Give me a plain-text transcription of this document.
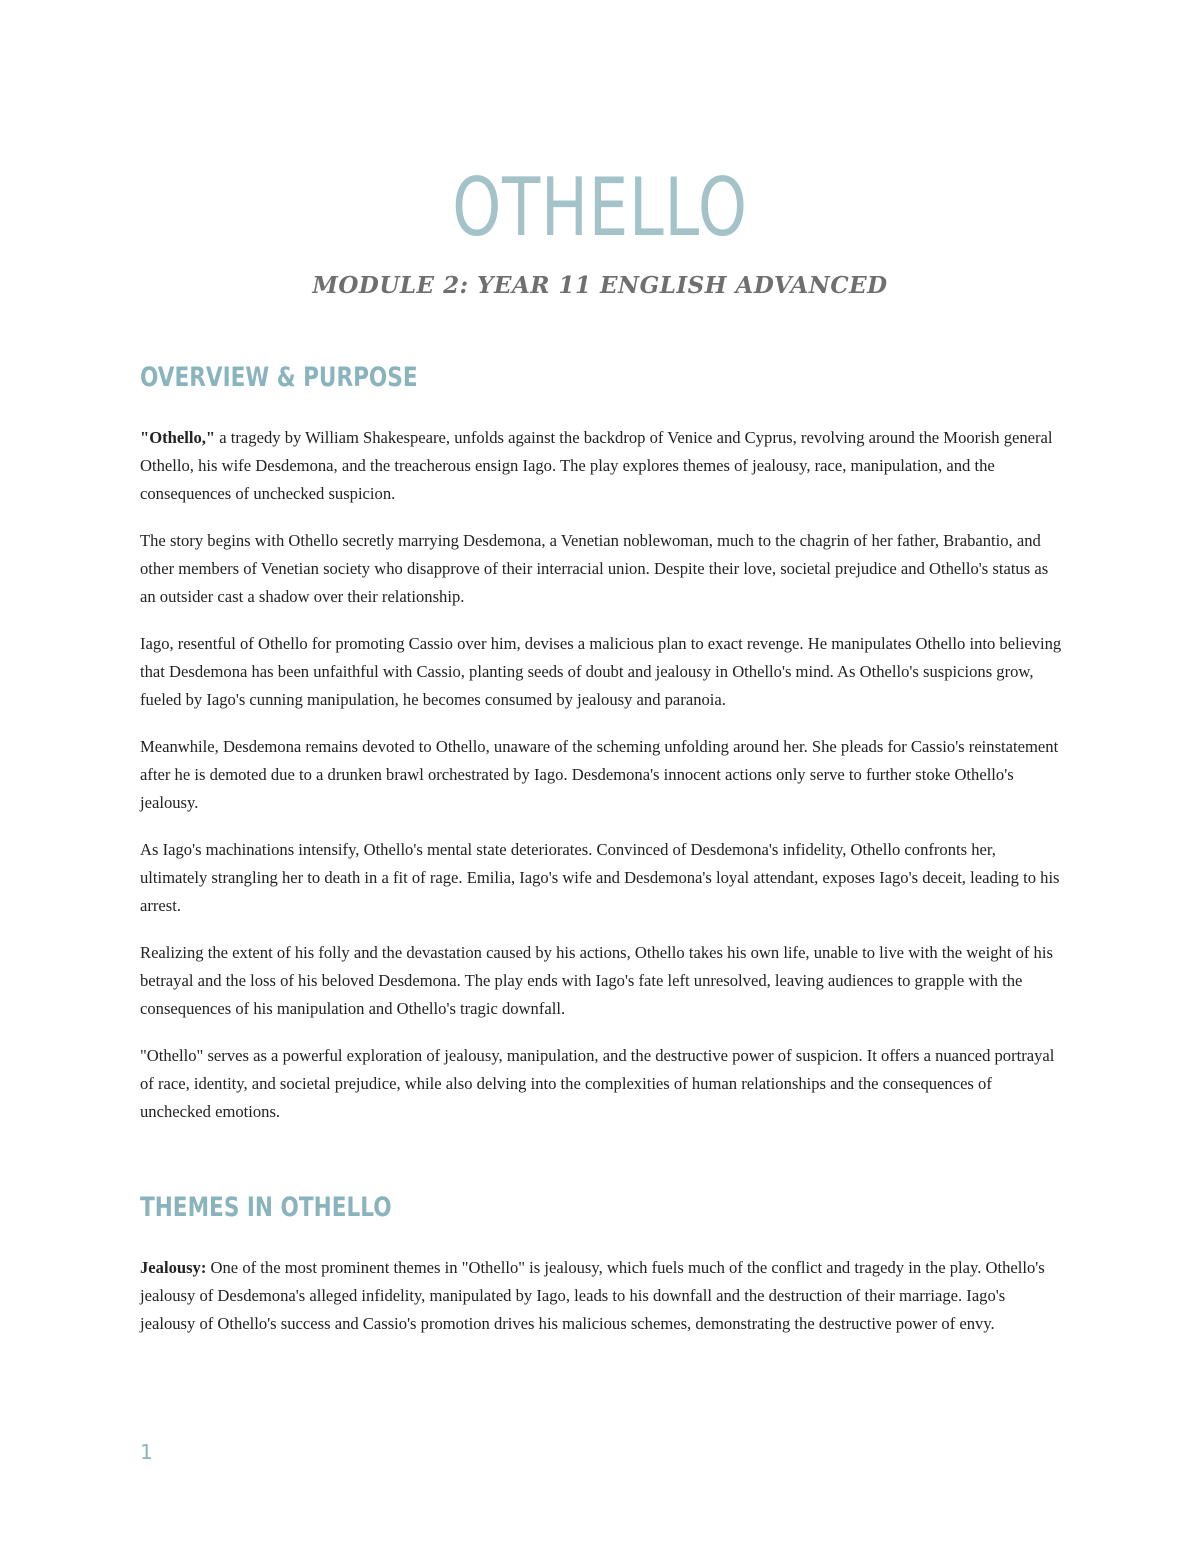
OTHELLO
MODULE 2: YEAR 11 ENGLISH ADVANCED
OVERVIEW & PURPOSE

"Othello," a tragedy by William Shakespeare, unfolds against the backdrop of Venice and Cyprus, revolving around the Moorish general Othello, his wife Desdemona, and the treacherous ensign Iago. The play explores themes of jealousy, race, manipulation, and the consequences of unchecked suspicion.

The story begins with Othello secretly marrying Desdemona, a Venetian noblewoman, much to the chagrin of her father, Brabantio, and other members of Venetian society who disapprove of their interracial union. Despite their love, societal prejudice and Othello's status as an outsider cast a shadow over their relationship.

Iago, resentful of Othello for promoting Cassio over him, devises a malicious plan to exact revenge. He manipulates Othello into believing that Desdemona has been unfaithful with Cassio, planting seeds of doubt and jealousy in Othello's mind. As Othello's suspicions grow, fueled by Iago's cunning manipulation, he becomes consumed by jealousy and paranoia.

Meanwhile, Desdemona remains devoted to Othello, unaware of the scheming unfolding around her. She pleads for Cassio's reinstatement after he is demoted due to a drunken brawl orchestrated by Iago. Desdemona's innocent actions only serve to further stoke Othello's jealousy.

As Iago's machinations intensify, Othello's mental state deteriorates. Convinced of Desdemona's infidelity, Othello confronts her, ultimately strangling her to death in a fit of rage. Emilia, Iago's wife and Desdemona's loyal attendant, exposes Iago's deceit, leading to his arrest.

Realizing the extent of his folly and the devastation caused by his actions, Othello takes his own life, unable to live with the weight of his betrayal and the loss of his beloved Desdemona. The play ends with Iago's fate left unresolved, leaving audiences to grapple with the consequences of his manipulation and Othello's tragic downfall.

"Othello" serves as a powerful exploration of jealousy, manipulation, and the destructive power of suspicion. It offers a nuanced portrayal of race, identity, and societal prejudice, while also delving into the complexities of human relationships and the consequences of unchecked emotions.

THEMES IN OTHELLO

Jealousy: One of the most prominent themes in "Othello" is jealousy, which fuels much of the conflict and tragedy in the play. Othello's jealousy of Desdemona's alleged infidelity, manipulated by Iago, leads to his downfall and the destruction of their marriage. Iago's jealousy of Othello's success and Cassio's promotion drives his malicious schemes, demonstrating the destructive power of envy.

1
